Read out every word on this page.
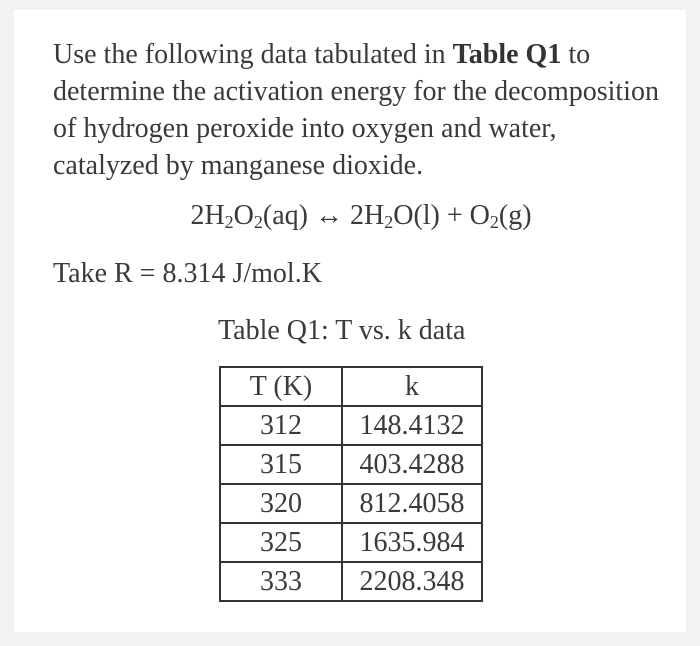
Use the following data tabulated in Table Q1 to determine the activation energy for the decomposition of hydrogen peroxide into oxygen and water, catalyzed by manganese dioxide.

$2H_2O_2(aq)$ ↔ $2H_2O(l) + O_2(g)$
Take R = 8.314 J/mol.K
Table Q1: T vs. k data
T (K)	k
312	148.4132
315	403.4288
320	812.4058
325	1635.984
333	2208.348
